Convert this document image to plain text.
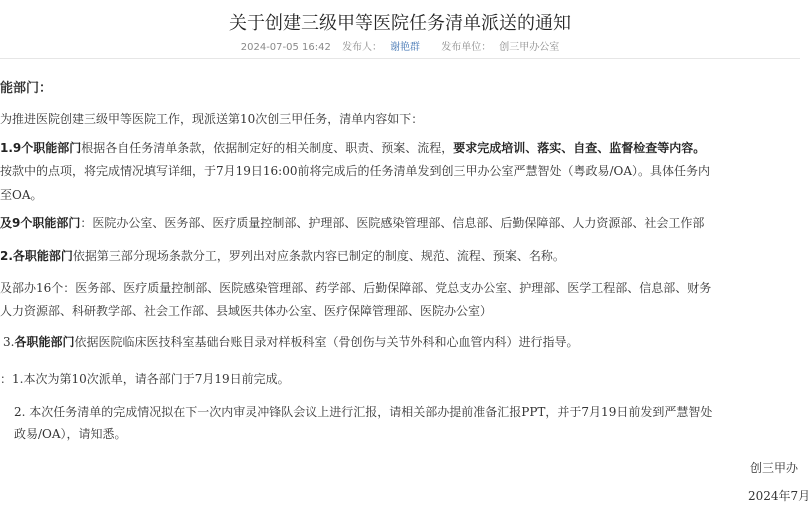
关于创建三级甲等医院任务清单派送的通知
2024-07-05 16:42 发布人： 谢艳群 发布单位： 创三甲办公室
能部门：
为推进医院创建三级甲等医院工作，现派送第10次创三甲任务，清单内容如下：
1.9个职能部门根据各自任务清单条款，依据制定好的相关制度、职责、预案、流程，要求完成培训、落实、自查、监督检查等内容。
按款中的点项，将完成情况填写详细，于7月19日16:00前将完成后的任务清单发到创三甲办公室严慧智处（粤政易/OA）。具体任务内
至OA。
及9个职能部门：医院办公室、医务部、医疗质量控制部、护理部、医院感染管理部、信息部、后勤保障部、人力资源部、社会工作部
2.各职能部门依据第三部分现场条款分工，罗列出对应条款内容已制定的制度、规范、流程、预案、名称。
及部办16个：医务部、医疗质量控制部、医院感染管理部、药学部、后勤保障部、党总支办公室、护理部、医学工程部、信息部、财务
人力资源部、科研教学部、社会工作部、县域医共体办公室、医疗保障管理部、医院办公室）
3.各职能部门依据医院临床医技科室基础台账目录对样板科室（骨创伤与关节外科和心血管内科）进行指导。
：1.本次为第10次派单，请各部门于7月19日前完成。
2. 本次任务清单的完成情况拟在下一次内审灵冲锋队会议上进行汇报，请相关部办提前准备汇报PPT，并于7月19日前发到严慧智处
政易/OA），请知悉。
创三甲办
2024年7月
